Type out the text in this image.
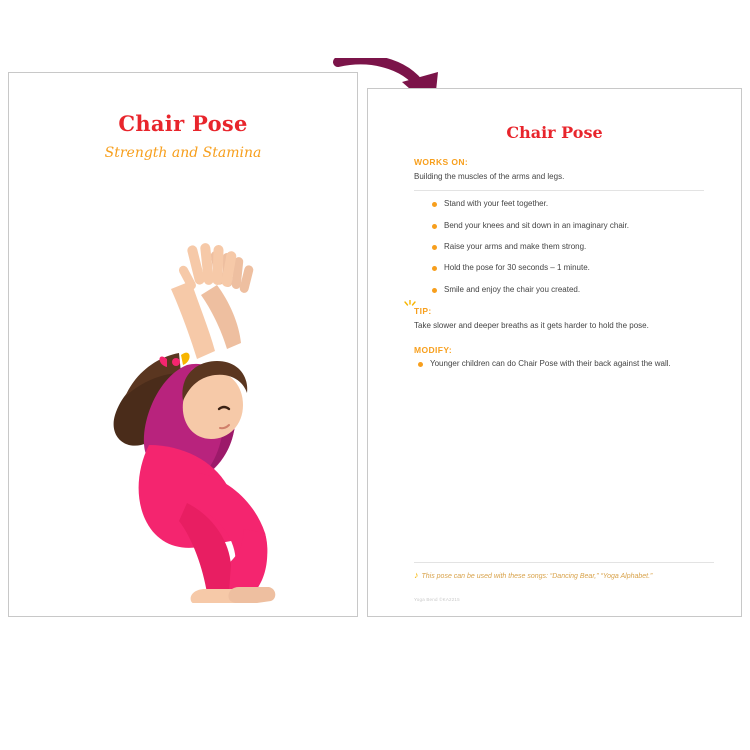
Chair Pose
Strength and Stamina
Chair Pose
WORKS ON:

Building the muscles of the arms and legs.

Stand with your feet together.
Bend your knees and sit down in an imaginary chair.
Raise your arms and make them strong.
Hold the pose for 30 seconds – 1 minute.
Smile and enjoy the chair you created.
TIP:

Take slower and deeper breaths as it gets harder to hold the pose.

MODIFY:
Younger children can do Chair Pose with their back against the wall.
♪ This pose can be used with these songs: “Dancing Bear,” “Yoga Alphabet.”
Yoga Bend ©KA2215
